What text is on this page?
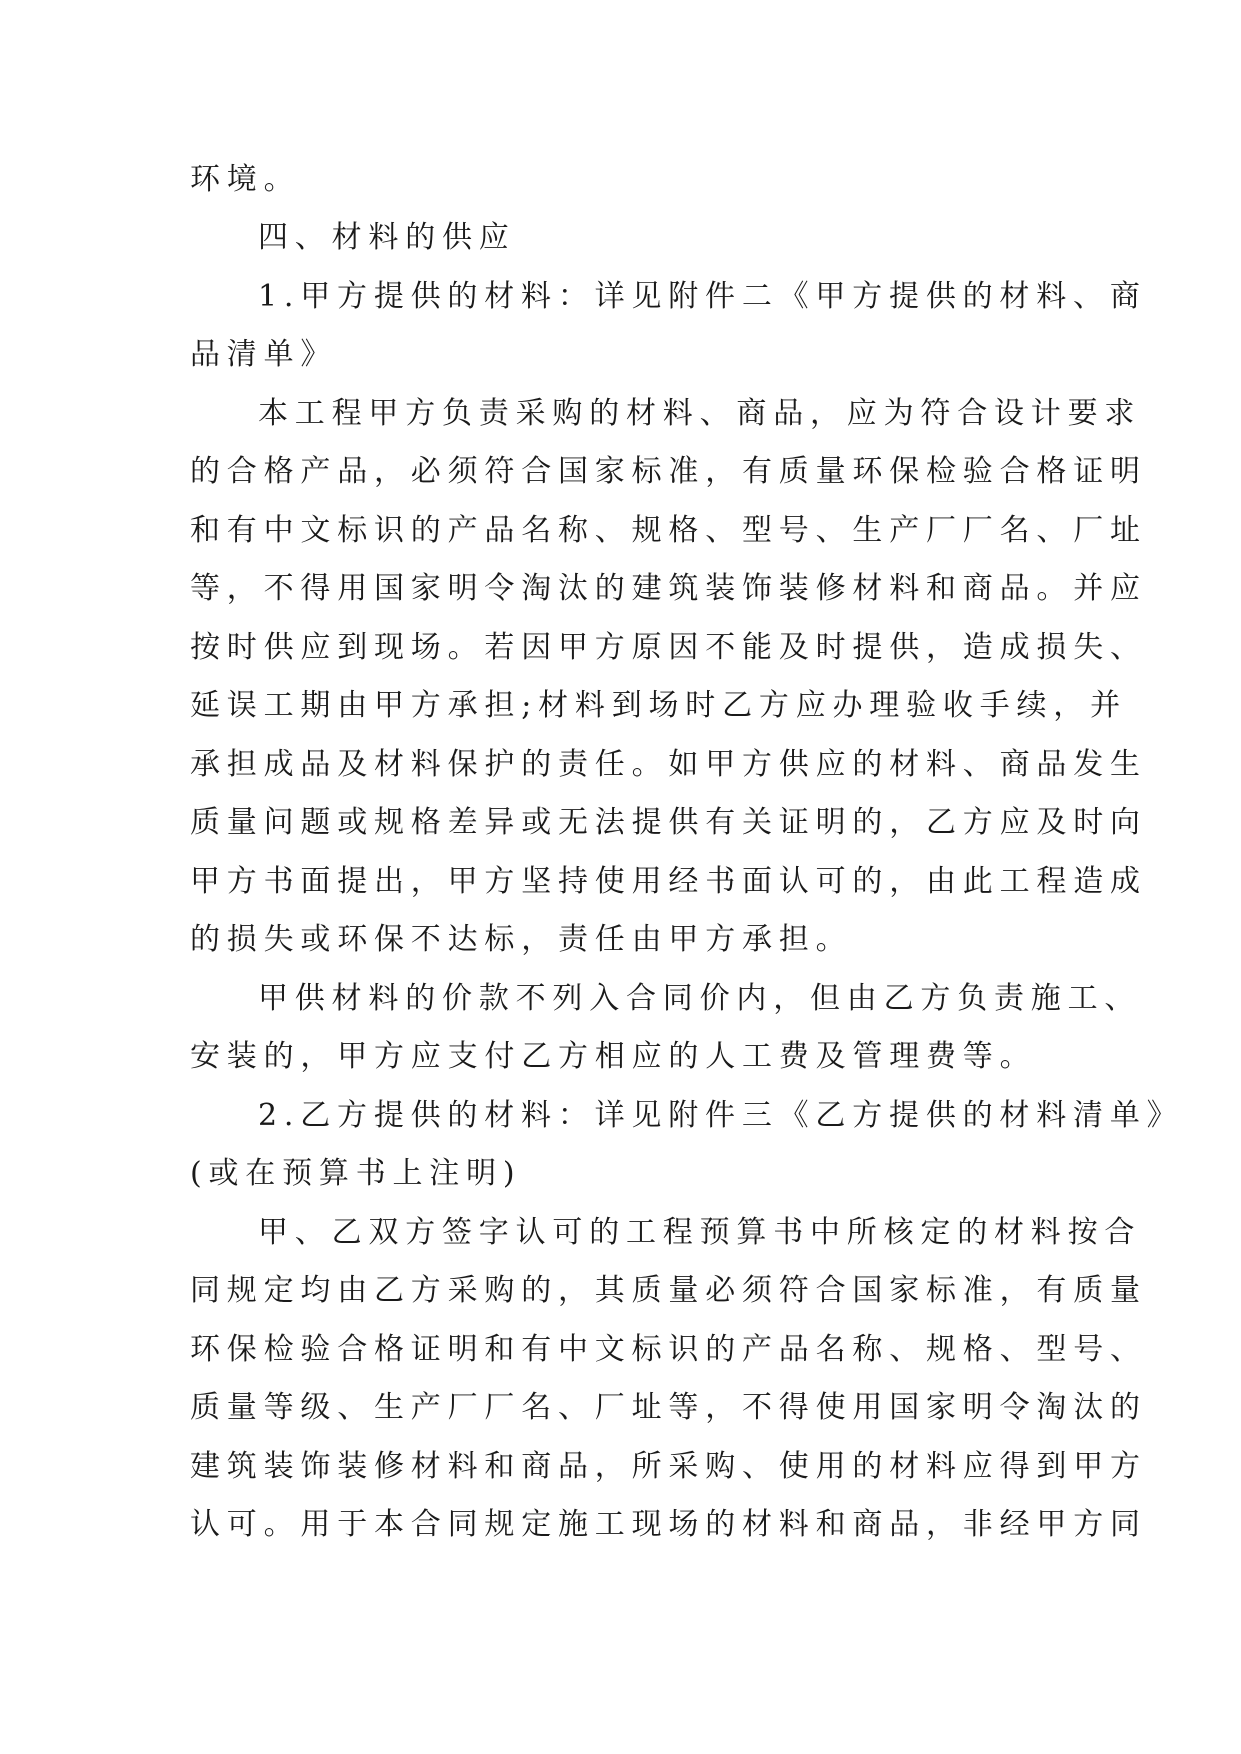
环境。
四、材料的供应
1.甲方提供的材料：详见附件二《甲方提供的材料、商
品清单》
本工程甲方负责采购的材料、商品，应为符合设计要求
的合格产品，必须符合国家标准，有质量环保检验合格证明
和有中文标识的产品名称、规格、型号、生产厂厂名、厂址
等，不得用国家明令淘汰的建筑装饰装修材料和商品。并应
按时供应到现场。若因甲方原因不能及时提供，造成损失、
延误工期由甲方承担;材料到场时乙方应办理验收手续，并
承担成品及材料保护的责任。如甲方供应的材料、商品发生
质量问题或规格差异或无法提供有关证明的，乙方应及时向
甲方书面提出，甲方坚持使用经书面认可的，由此工程造成
的损失或环保不达标，责任由甲方承担。
甲供材料的价款不列入合同价内，但由乙方负责施工、
安装的，甲方应支付乙方相应的人工费及管理费等。
2.乙方提供的材料：详见附件三《乙方提供的材料清单》
(或在预算书上注明)
甲、乙双方签字认可的工程预算书中所核定的材料按合
同规定均由乙方采购的，其质量必须符合国家标准，有质量
环保检验合格证明和有中文标识的产品名称、规格、型号、
质量等级、生产厂厂名、厂址等，不得使用国家明令淘汰的
建筑装饰装修材料和商品，所采购、使用的材料应得到甲方
认可。用于本合同规定施工现场的材料和商品，非经甲方同
